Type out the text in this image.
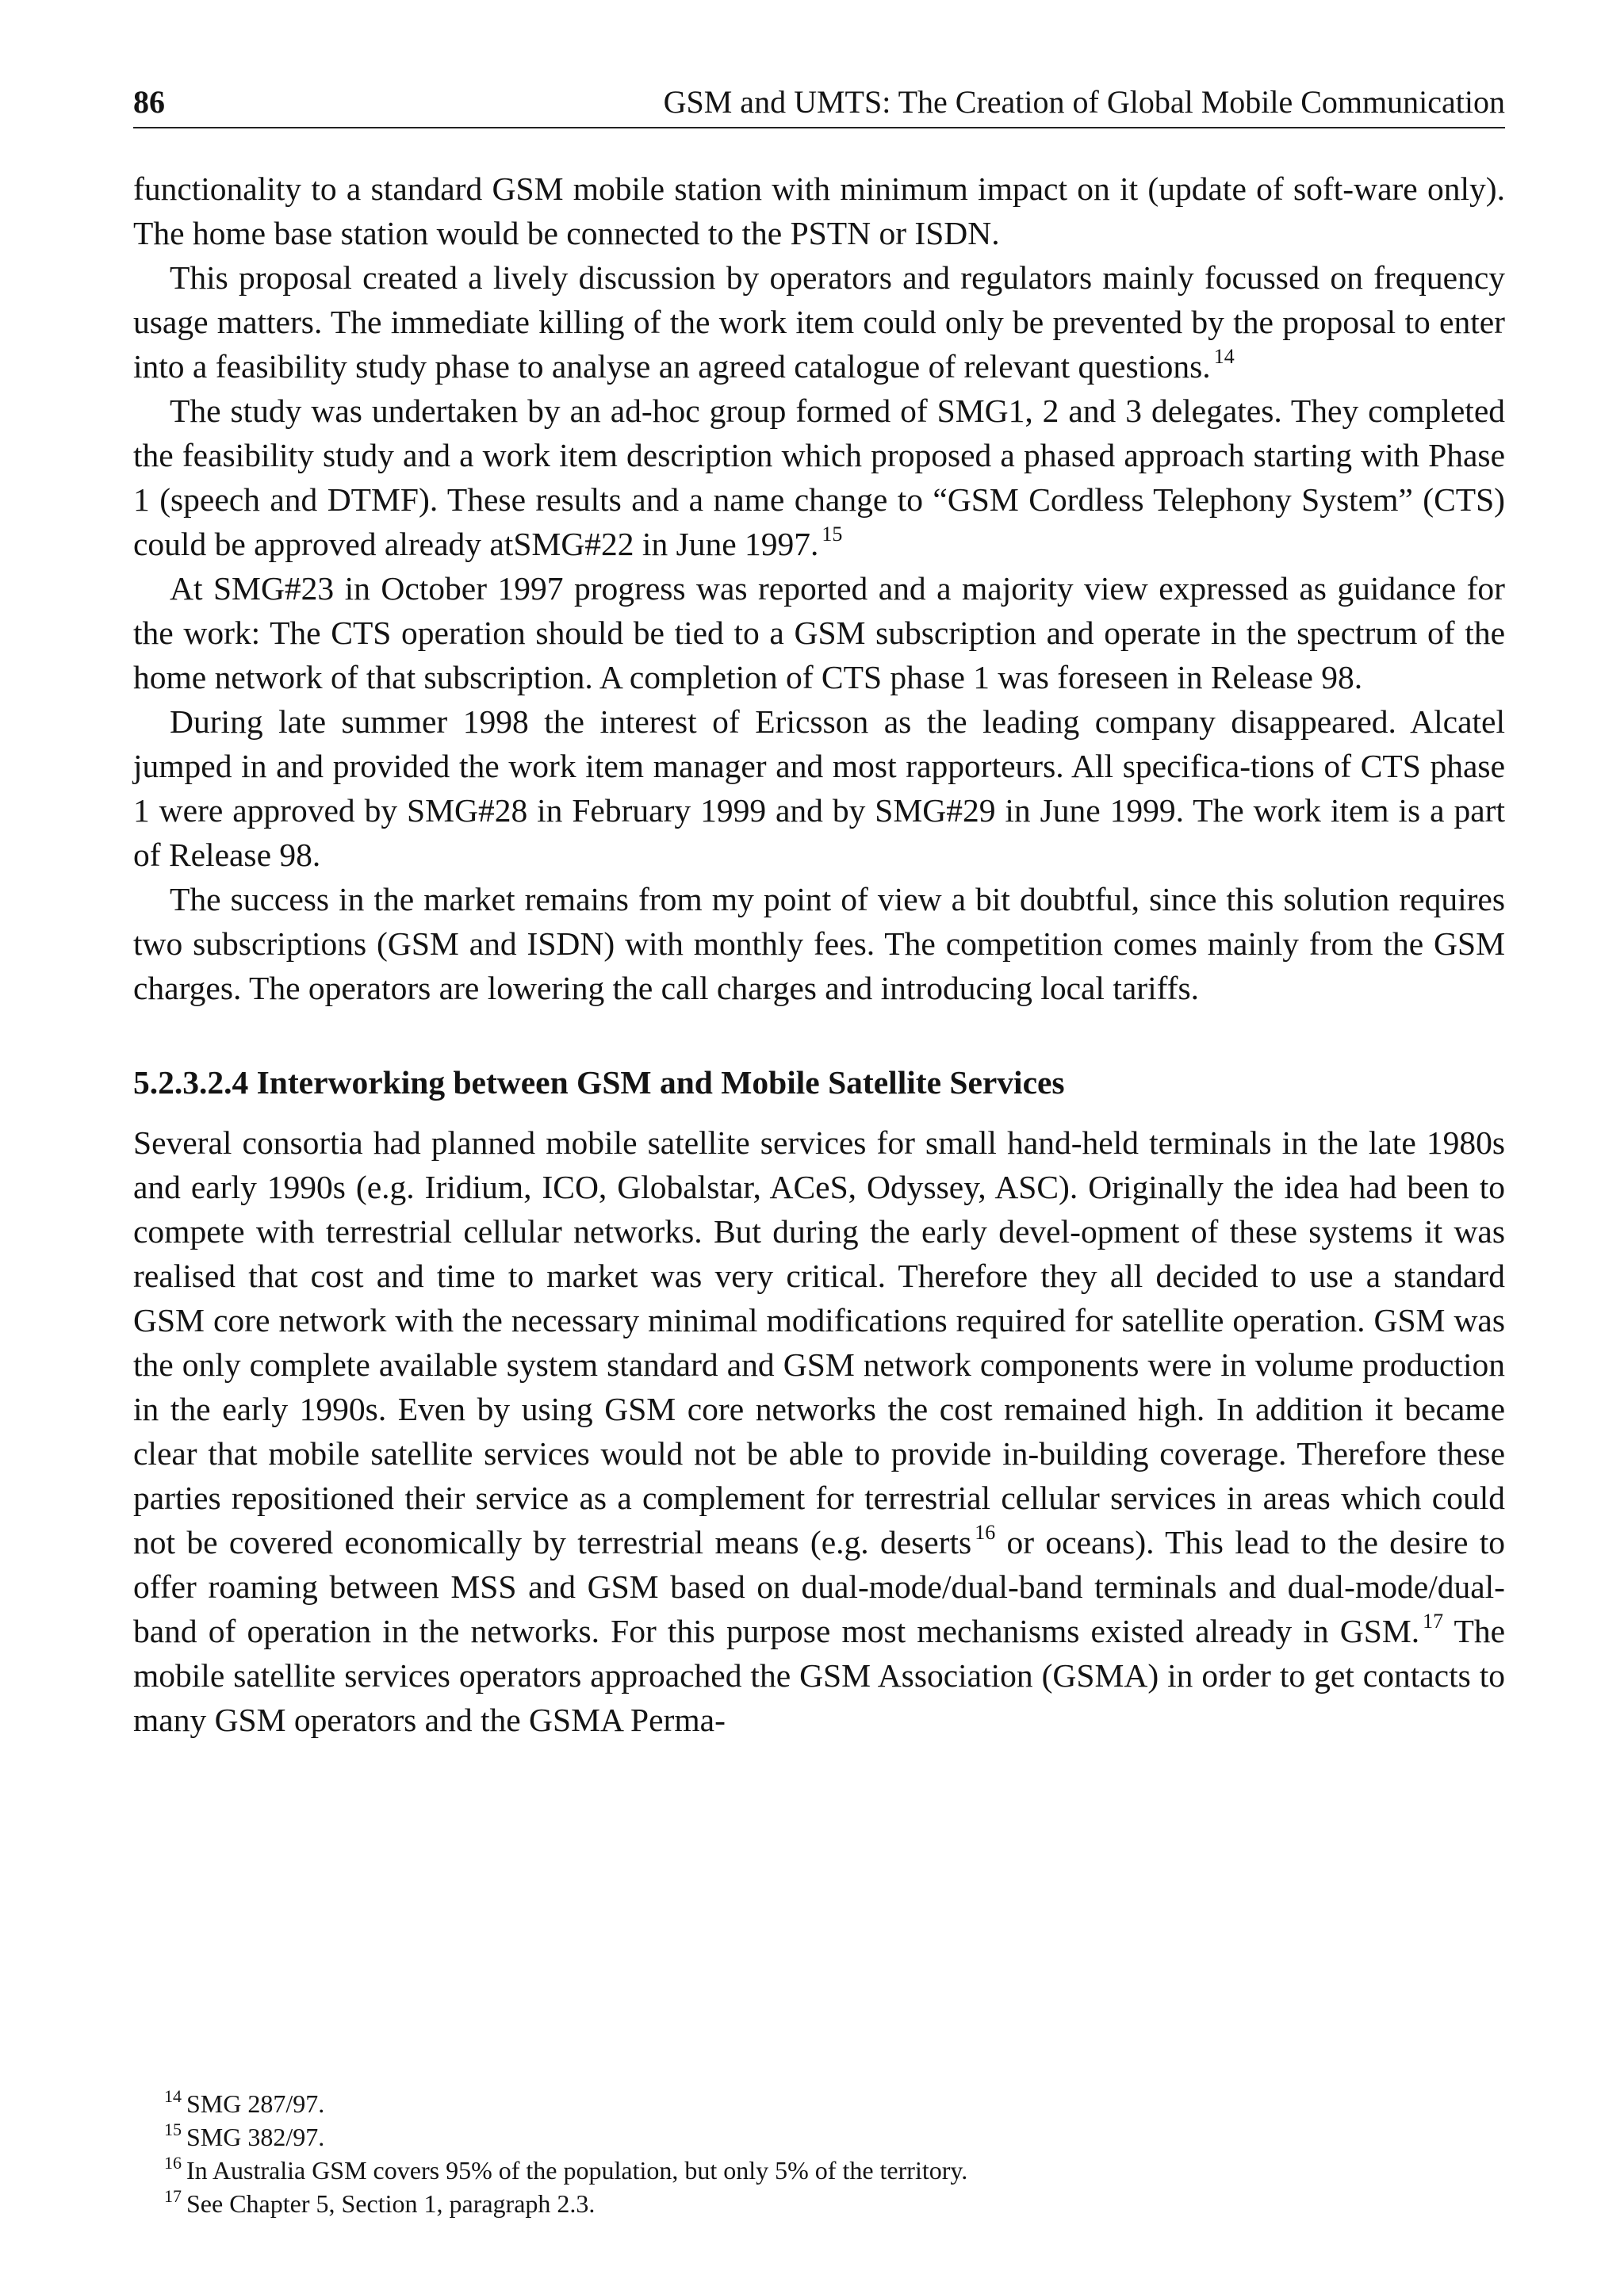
86	GSM and UMTS: The Creation of Global Mobile Communication

functionality to a standard GSM mobile station with minimum impact on it (update of soft-ware only). The home base station would be connected to the PSTN or ISDN.

This proposal created a lively discussion by operators and regulators mainly focussed on frequency usage matters. The immediate killing of the work item could only be prevented by the proposal to enter into a feasibility study phase to analyse an agreed catalogue of relevant questions. $^{14}$

The study was undertaken by an ad-hoc group formed of SMG1, 2 and 3 delegates. They completed the feasibility study and a work item description which proposed a phased approach starting with Phase 1 (speech and DTMF). These results and a name change to “GSM Cordless Telephony System” (CTS) could be approved already atSMG#22 in June 1997. $^{15}$

At SMG#23 in October 1997 progress was reported and a majority view expressed as guidance for the work: The CTS operation should be tied to a GSM subscription and operate in the spectrum of the home network of that subscription. A completion of CTS phase 1 was foreseen in Release 98.

During late summer 1998 the interest of Ericsson as the leading company disappeared. Alcatel jumped in and provided the work item manager and most rapporteurs. All specifica-tions of CTS phase 1 were approved by SMG#28 in February 1999 and by SMG#29 in June 1999. The work item is a part of Release 98.

The success in the market remains from my point of view a bit doubtful, since this solution requires two subscriptions (GSM and ISDN) with monthly fees. The competition comes mainly from the GSM charges. The operators are lowering the call charges and introducing local tariffs.

5.2.3.2.4 Interworking between GSM and Mobile Satellite Services

Several consortia had planned mobile satellite services for small hand-held terminals in the late 1980s and early 1990s (e.g. Iridium, ICO, Globalstar, ACeS, Odyssey, ASC). Originally the idea had been to compete with terrestrial cellular networks. But during the early devel-opment of these systems it was realised that cost and time to market was very critical. Therefore they all decided to use a standard GSM core network with the necessary minimal modifications required for satellite operation. GSM was the only complete available system standard and GSM network components were in volume production in the early 1990s. Even by using GSM core networks the cost remained high. In addition it became clear that mobile satellite services would not be able to provide in-building coverage. Therefore these parties repositioned their service as a complement for terrestrial cellular services in areas which could not be covered economically by terrestrial means (e.g. deserts $^{16}$ or oceans). This lead to the desire to offer roaming between MSS and GSM based on dual-mode/dual-band terminals and dual-mode/dual-band of operation in the networks. For this purpose most mechanisms existed already in GSM. $^{17}$ The mobile satellite services operators approached the GSM Association (GSMA) in order to get contacts to many GSM operators and the GSMA Perma-

$^{14}$ SMG 287/97.

$^{15}$ SMG 382/97.

$^{16}$ In Australia GSM covers 95% of the population, but only 5% of the territory.

$^{17}$ See Chapter 5, Section 1, paragraph 2.3.
